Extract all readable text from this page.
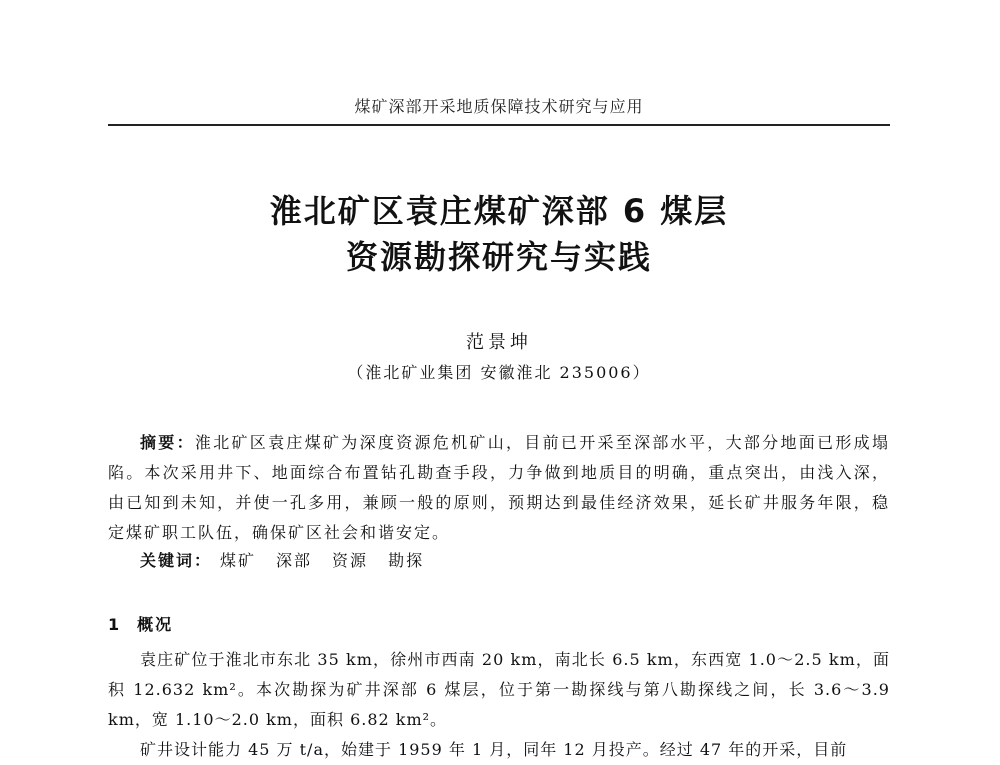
煤矿深部开采地质保障技术研究与应用
淮北矿区袁庄煤矿深部 6 煤层
资源勘探研究与实践
范景坤
（淮北矿业集团 安徽淮北 235006）
摘要：淮北矿区袁庄煤矿为深度资源危机矿山，目前已开采至深部水平，大部分地面已形成塌陷。本次采用井下、地面综合布置钻孔勘查手段，力争做到地质目的明确，重点突出，由浅入深，由已知到未知，并使一孔多用，兼顾一般的原则，预期达到最佳经济效果，延长矿井服务年限，稳定煤矿职工队伍，确保矿区社会和谐安定。
关键词： 煤矿 深部 资源 勘探
1 概况

袁庄矿位于淮北市东北 35 km，徐州市西南 20 km，南北长 6.5 km，东西宽 1.0～2.5 km，面积 12.632 km²。本次勘探为矿井深部 6 煤层，位于第一勘探线与第八勘探线之间，长 3.6～3.9 km，宽 1.10～2.0 km，面积 6.82 km²。

矿井设计能力 45 万 t/a，始建于 1959 年 1 月，同年 12 月投产。经过 47 年的开采，目前
